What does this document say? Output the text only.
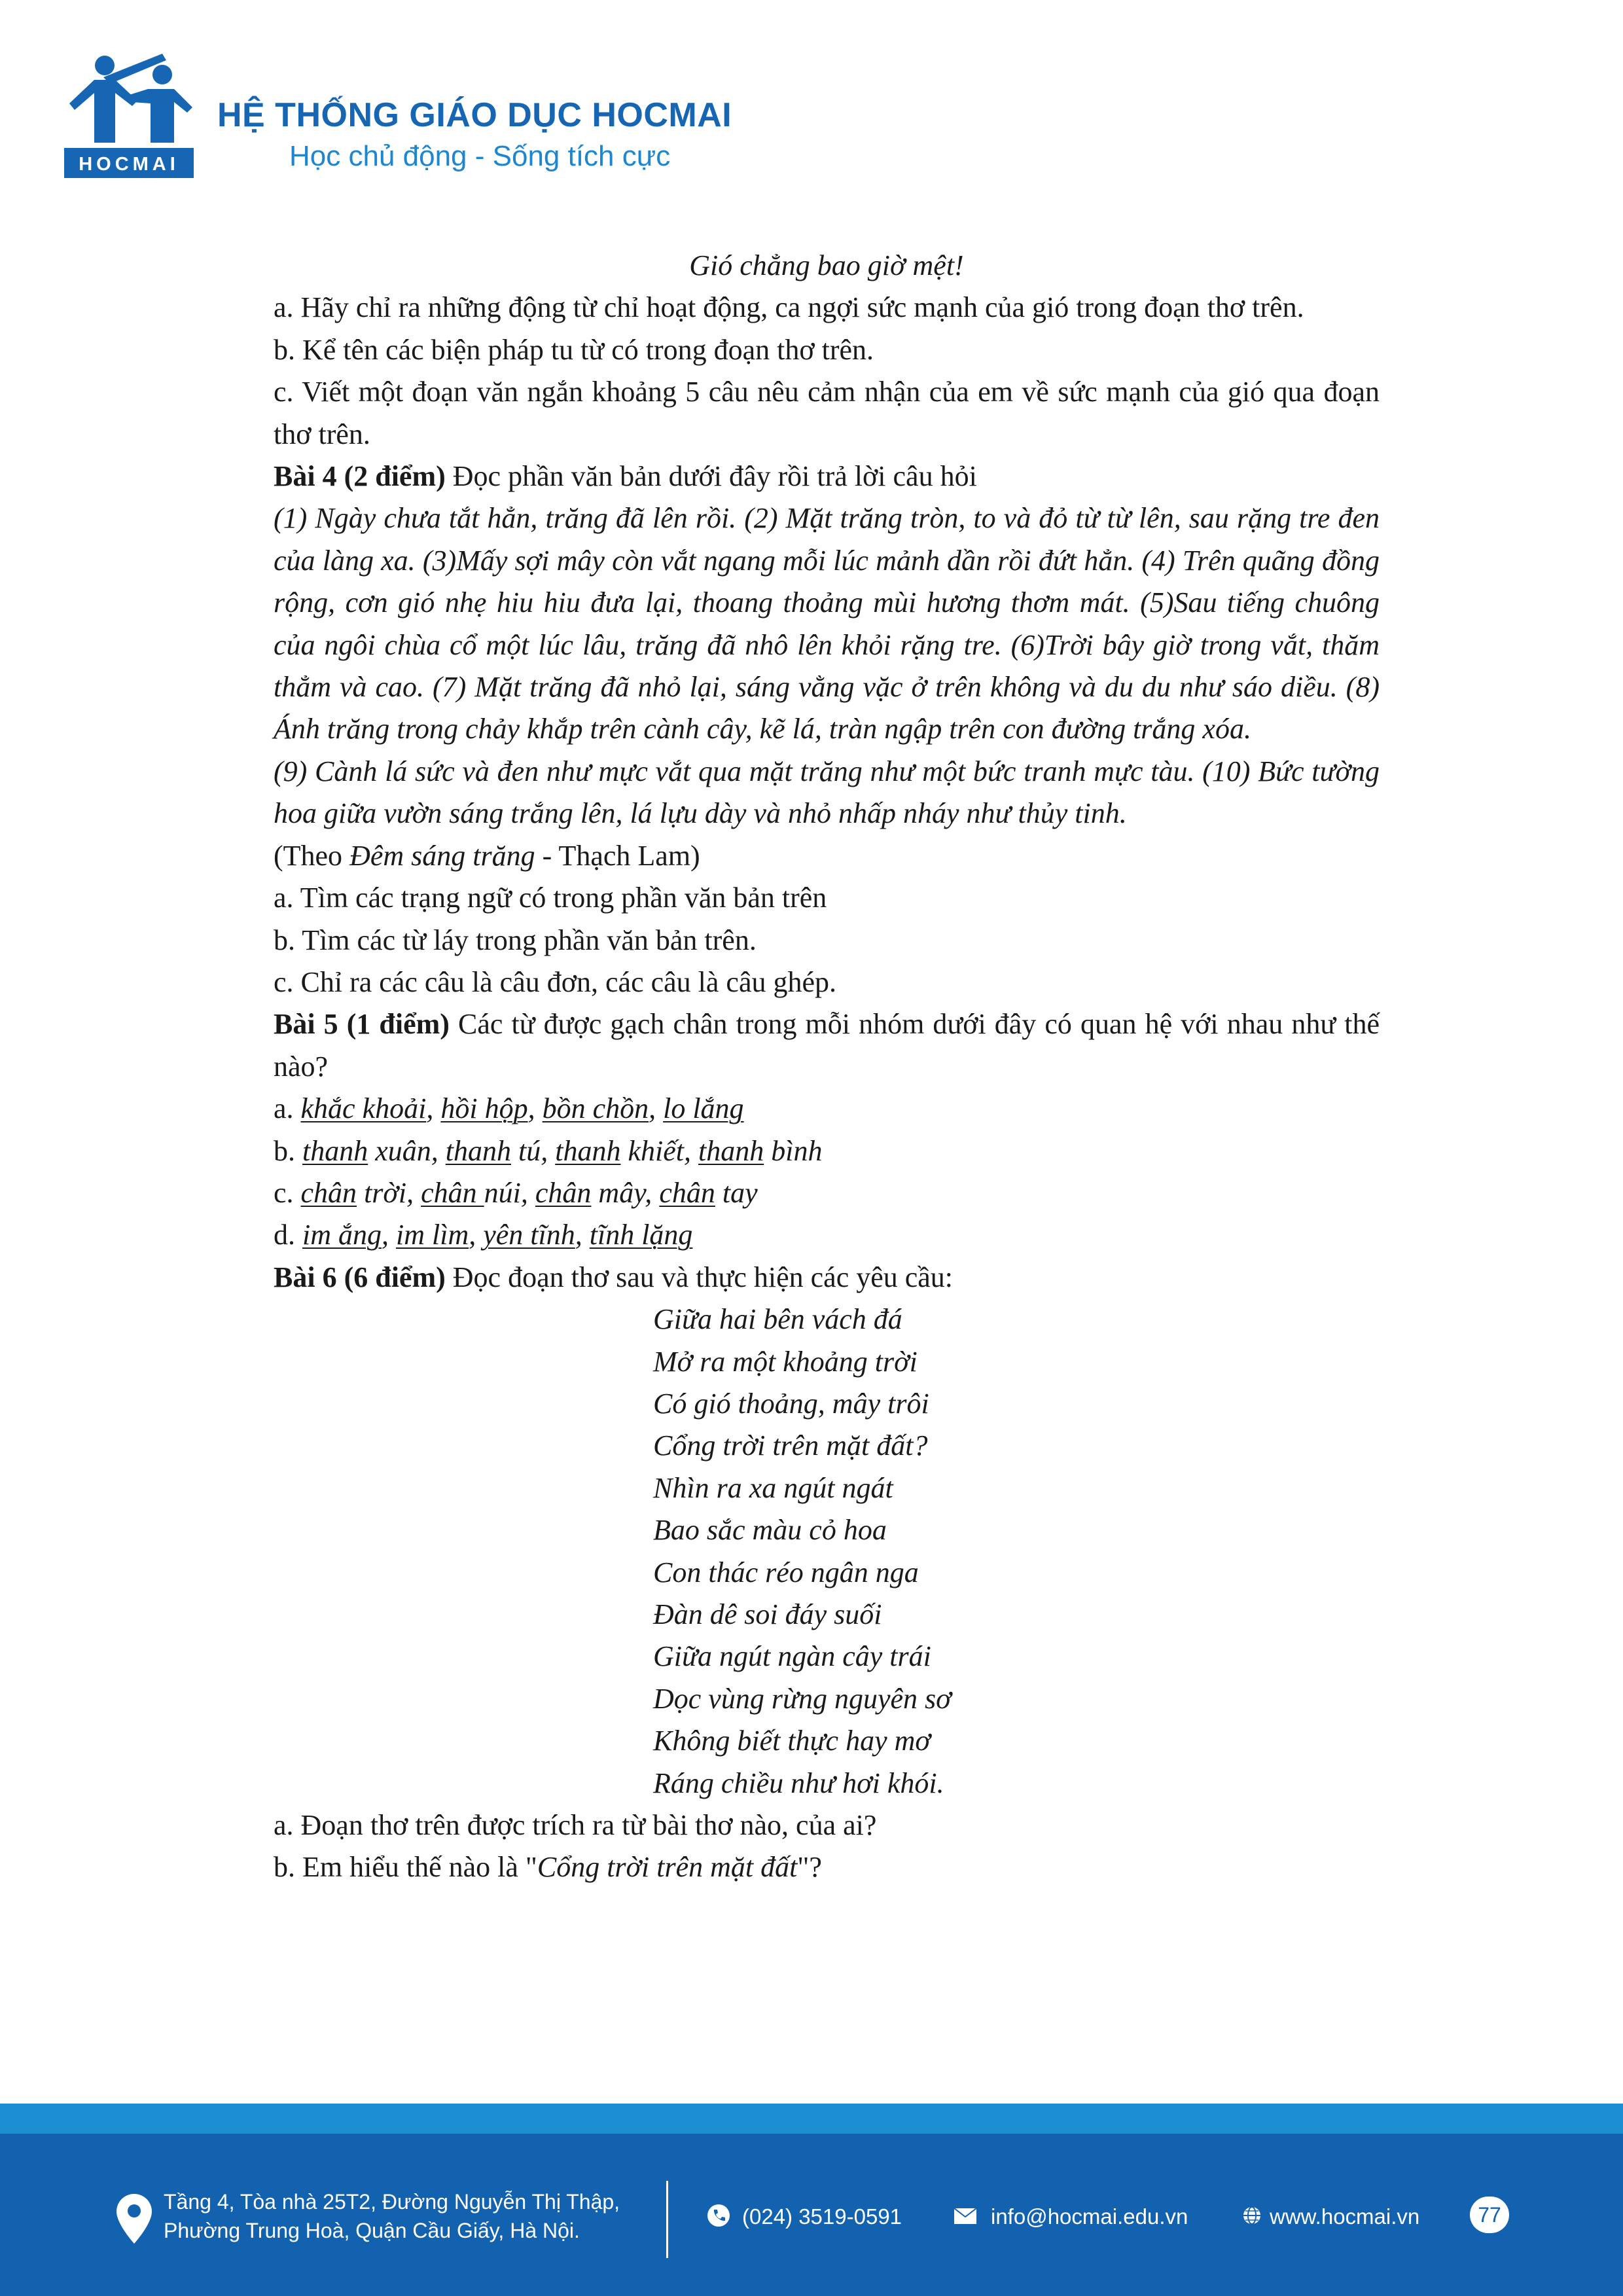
HOCMAI
HỆ THỐNG GIÁO DỤC HOCMAI
Học chủ động - Sống tích cực

Gió chẳng bao giờ mệt!

a. Hãy chỉ ra những động từ chỉ hoạt động, ca ngợi sức mạnh của gió trong đoạn thơ trên.

b. Kể tên các biện pháp tu từ có trong đoạn thơ trên.

c. Viết một đoạn văn ngắn khoảng 5 câu nêu cảm nhận của em về sức mạnh của gió qua đoạn thơ trên.

Bài 4 (2 điểm) Đọc phần văn bản dưới đây rồi trả lời câu hỏi

(1) Ngày chưa tắt hẳn, trăng đã lên rồi. (2) Mặt trăng tròn, to và đỏ từ từ lên, sau rặng tre đen của làng xa. (3)Mấy sợi mây còn vắt ngang mỗi lúc mảnh dần rồi đứt hẳn. (4) Trên quãng đồng rộng, cơn gió nhẹ hiu hiu đưa lại, thoang thoảng mùi hương thơm mát. (5)Sau tiếng chuông của ngôi chùa cổ một lúc lâu, trăng đã nhô lên khỏi rặng tre. (6)Trời bây giờ trong vắt, thăm thẳm và cao. (7) Mặt trăng đã nhỏ lại, sáng vằng vặc ở trên không và du du như sáo diều. (8) Ánh trăng trong chảy khắp trên cành cây, kẽ lá, tràn ngập trên con đường trắng xóa.

(9) Cành lá sức và đen như mực vắt qua mặt trăng như một bức tranh mực tàu. (10) Bức tường hoa giữa vườn sáng trắng lên, lá lựu dày và nhỏ nhấp nháy như thủy tinh.

(Theo Đêm sáng trăng - Thạch Lam)

a. Tìm các trạng ngữ có trong phần văn bản trên

b. Tìm các từ láy trong phần văn bản trên.

c. Chỉ ra các câu là câu đơn, các câu là câu ghép.

Bài 5 (1 điểm) Các từ được gạch chân trong mỗi nhóm dưới đây có quan hệ với nhau như thế nào?

a. khắc khoải, hồi hộp, bồn chồn, lo lắng

b. thanh xuân, thanh tú, thanh khiết, thanh bình

c. chân trời, chân núi, chân mây, chân tay

d. im ắng, im lìm, yên tĩnh, tĩnh lặng

Bài 6 (6 điểm) Đọc đoạn thơ sau và thực hiện các yêu cầu:

Giữa hai bên vách đá

Mở ra một khoảng trời

Có gió thoảng, mây trôi

Cổng trời trên mặt đất?

Nhìn ra xa ngút ngát

Bao sắc màu cỏ hoa

Con thác réo ngân nga

Đàn dê soi đáy suối

Giữa ngút ngàn cây trái

Dọc vùng rừng nguyên sơ

Không biết thực hay mơ

Ráng chiều như hơi khói.

a. Đoạn thơ trên được trích ra từ bài thơ nào, của ai?

b. Em hiểu thế nào là "Cổng trời trên mặt đất"?

Tầng 4, Tòa nhà 25T2, Đường Nguyễn Thị Thập,
Phường Trung Hoà, Quận Cầu Giấy, Hà Nội.
(024) 3519-0591	info@hocmai.edu.vn	www.hocmai.vn	77
